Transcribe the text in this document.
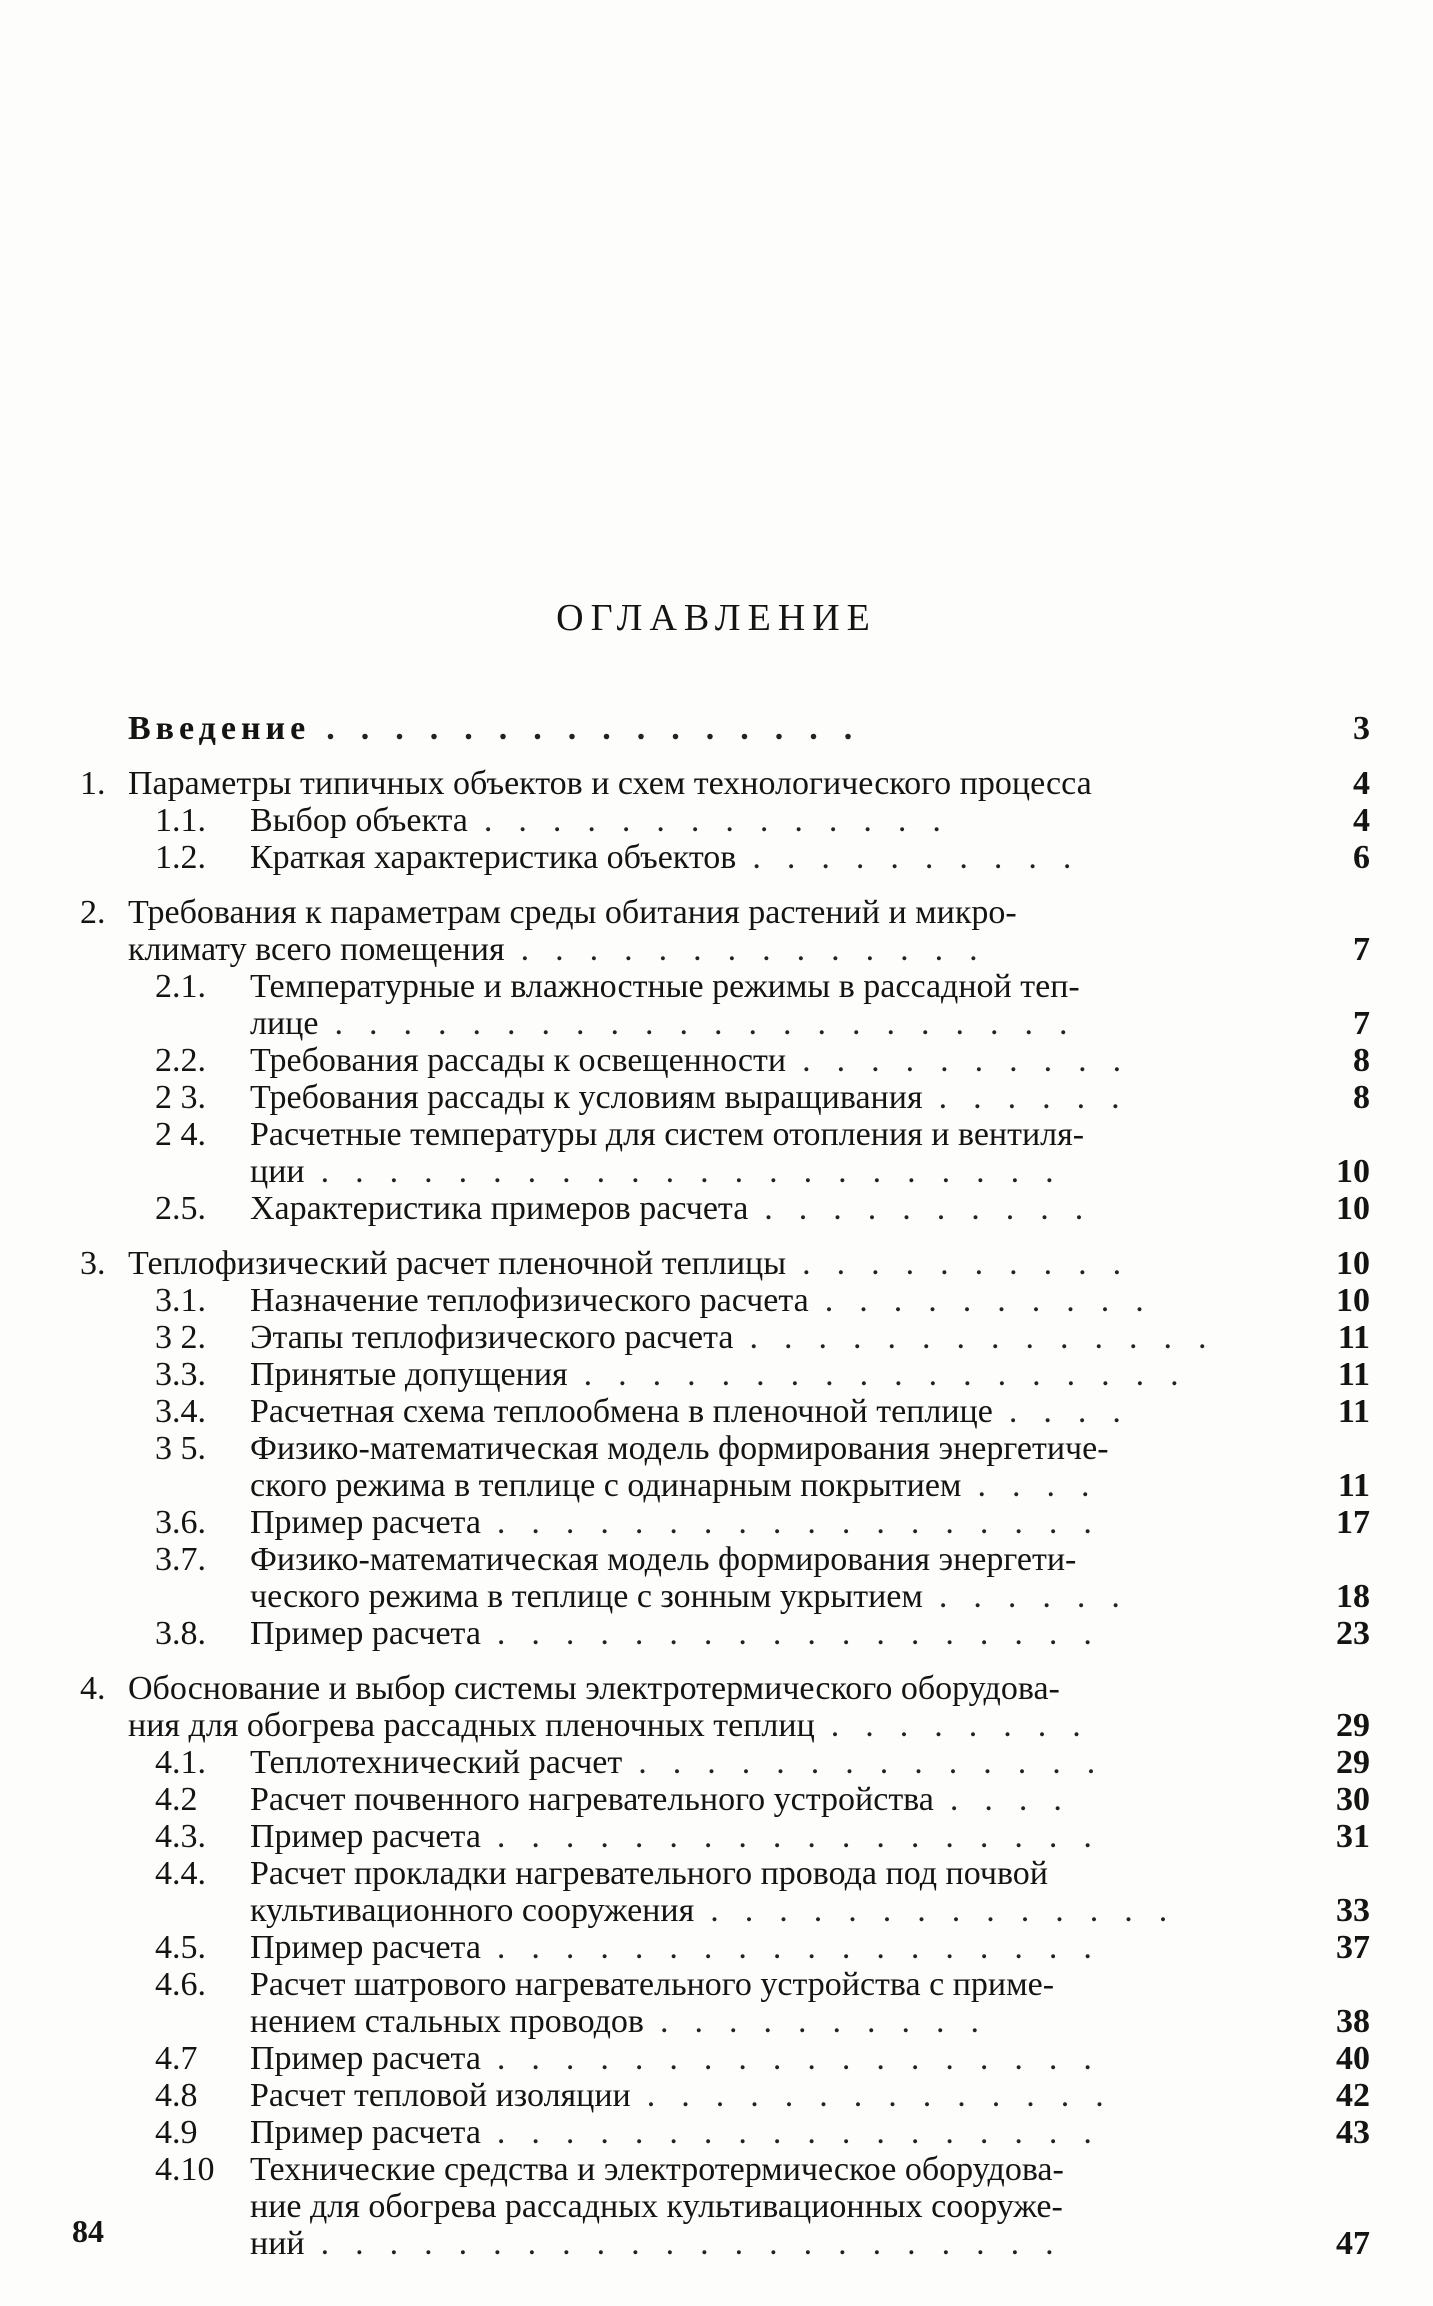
ОГЛАВЛЕНИЕ
Введение ................	3
1. Параметры типичных объектов и схем технологического процесса	4
1.1.	Выбор объекта ..............	4
1.2.	Краткая характеристика объектов ..........	6
2. Требования к параметрам среды обитания растений и микро-
климату всего помещения ..............	7
2.1.	Температурные и влажностные режимы в рассадной теп-
лице ......................	7
2.2.	Требования рассады к освещенности ..........	8
2 3.	Требования рассады к условиям выращивания ......	8
2 4.	Расчетные температуры для систем отопления и вентиля-
ции ......................	10
2.5.	Характеристика примеров расчета ..........	10
3. Теплофизический расчет пленочной теплицы ..........	10
3.1.	Назначение теплофизического расчета ..........	10
3 2.	Этапы теплофизического расчета ..............	11
3.3.	Принятые допущения ..................	11
3.4.	Расчетная схема теплообмена в пленочной теплице ....	11
3 5.	Физико-математическая модель формирования энергетиче-
ского режима в теплице с одинарным покрытием ....	11
3.6.	Пример расчета ..................	17
3.7.	Физико-математическая модель формирования энергети-
ческого режима в теплице с зонным укрытием ......	18
3.8.	Пример расчета ..................	23
4. Обоснование и выбор системы электротермического оборудова-
ния для обогрева рассадных пленочных теплиц ........	29
4.1.	Теплотехнический расчет ..............	29
4.2	Расчет почвенного нагревательного устройства ....	30
4.3.	Пример расчета ..................	31
4.4.	Расчет прокладки нагревательного провода под почвой
культивационного сооружения ..............	33
4.5.	Пример расчета ..................	37
4.6.	Расчет шатрового нагревательного устройства с приме-
нением стальных проводов ..........	38
4.7	Пример расчета ..................	40
4.8	Расчет тепловой изоляции ..............	42
4.9	Пример расчета ..................	43
4.10	Технические средства и электротермическое оборудова-
ние для обогрева рассадных культивационных сооруже-
ний ......................	47
84
